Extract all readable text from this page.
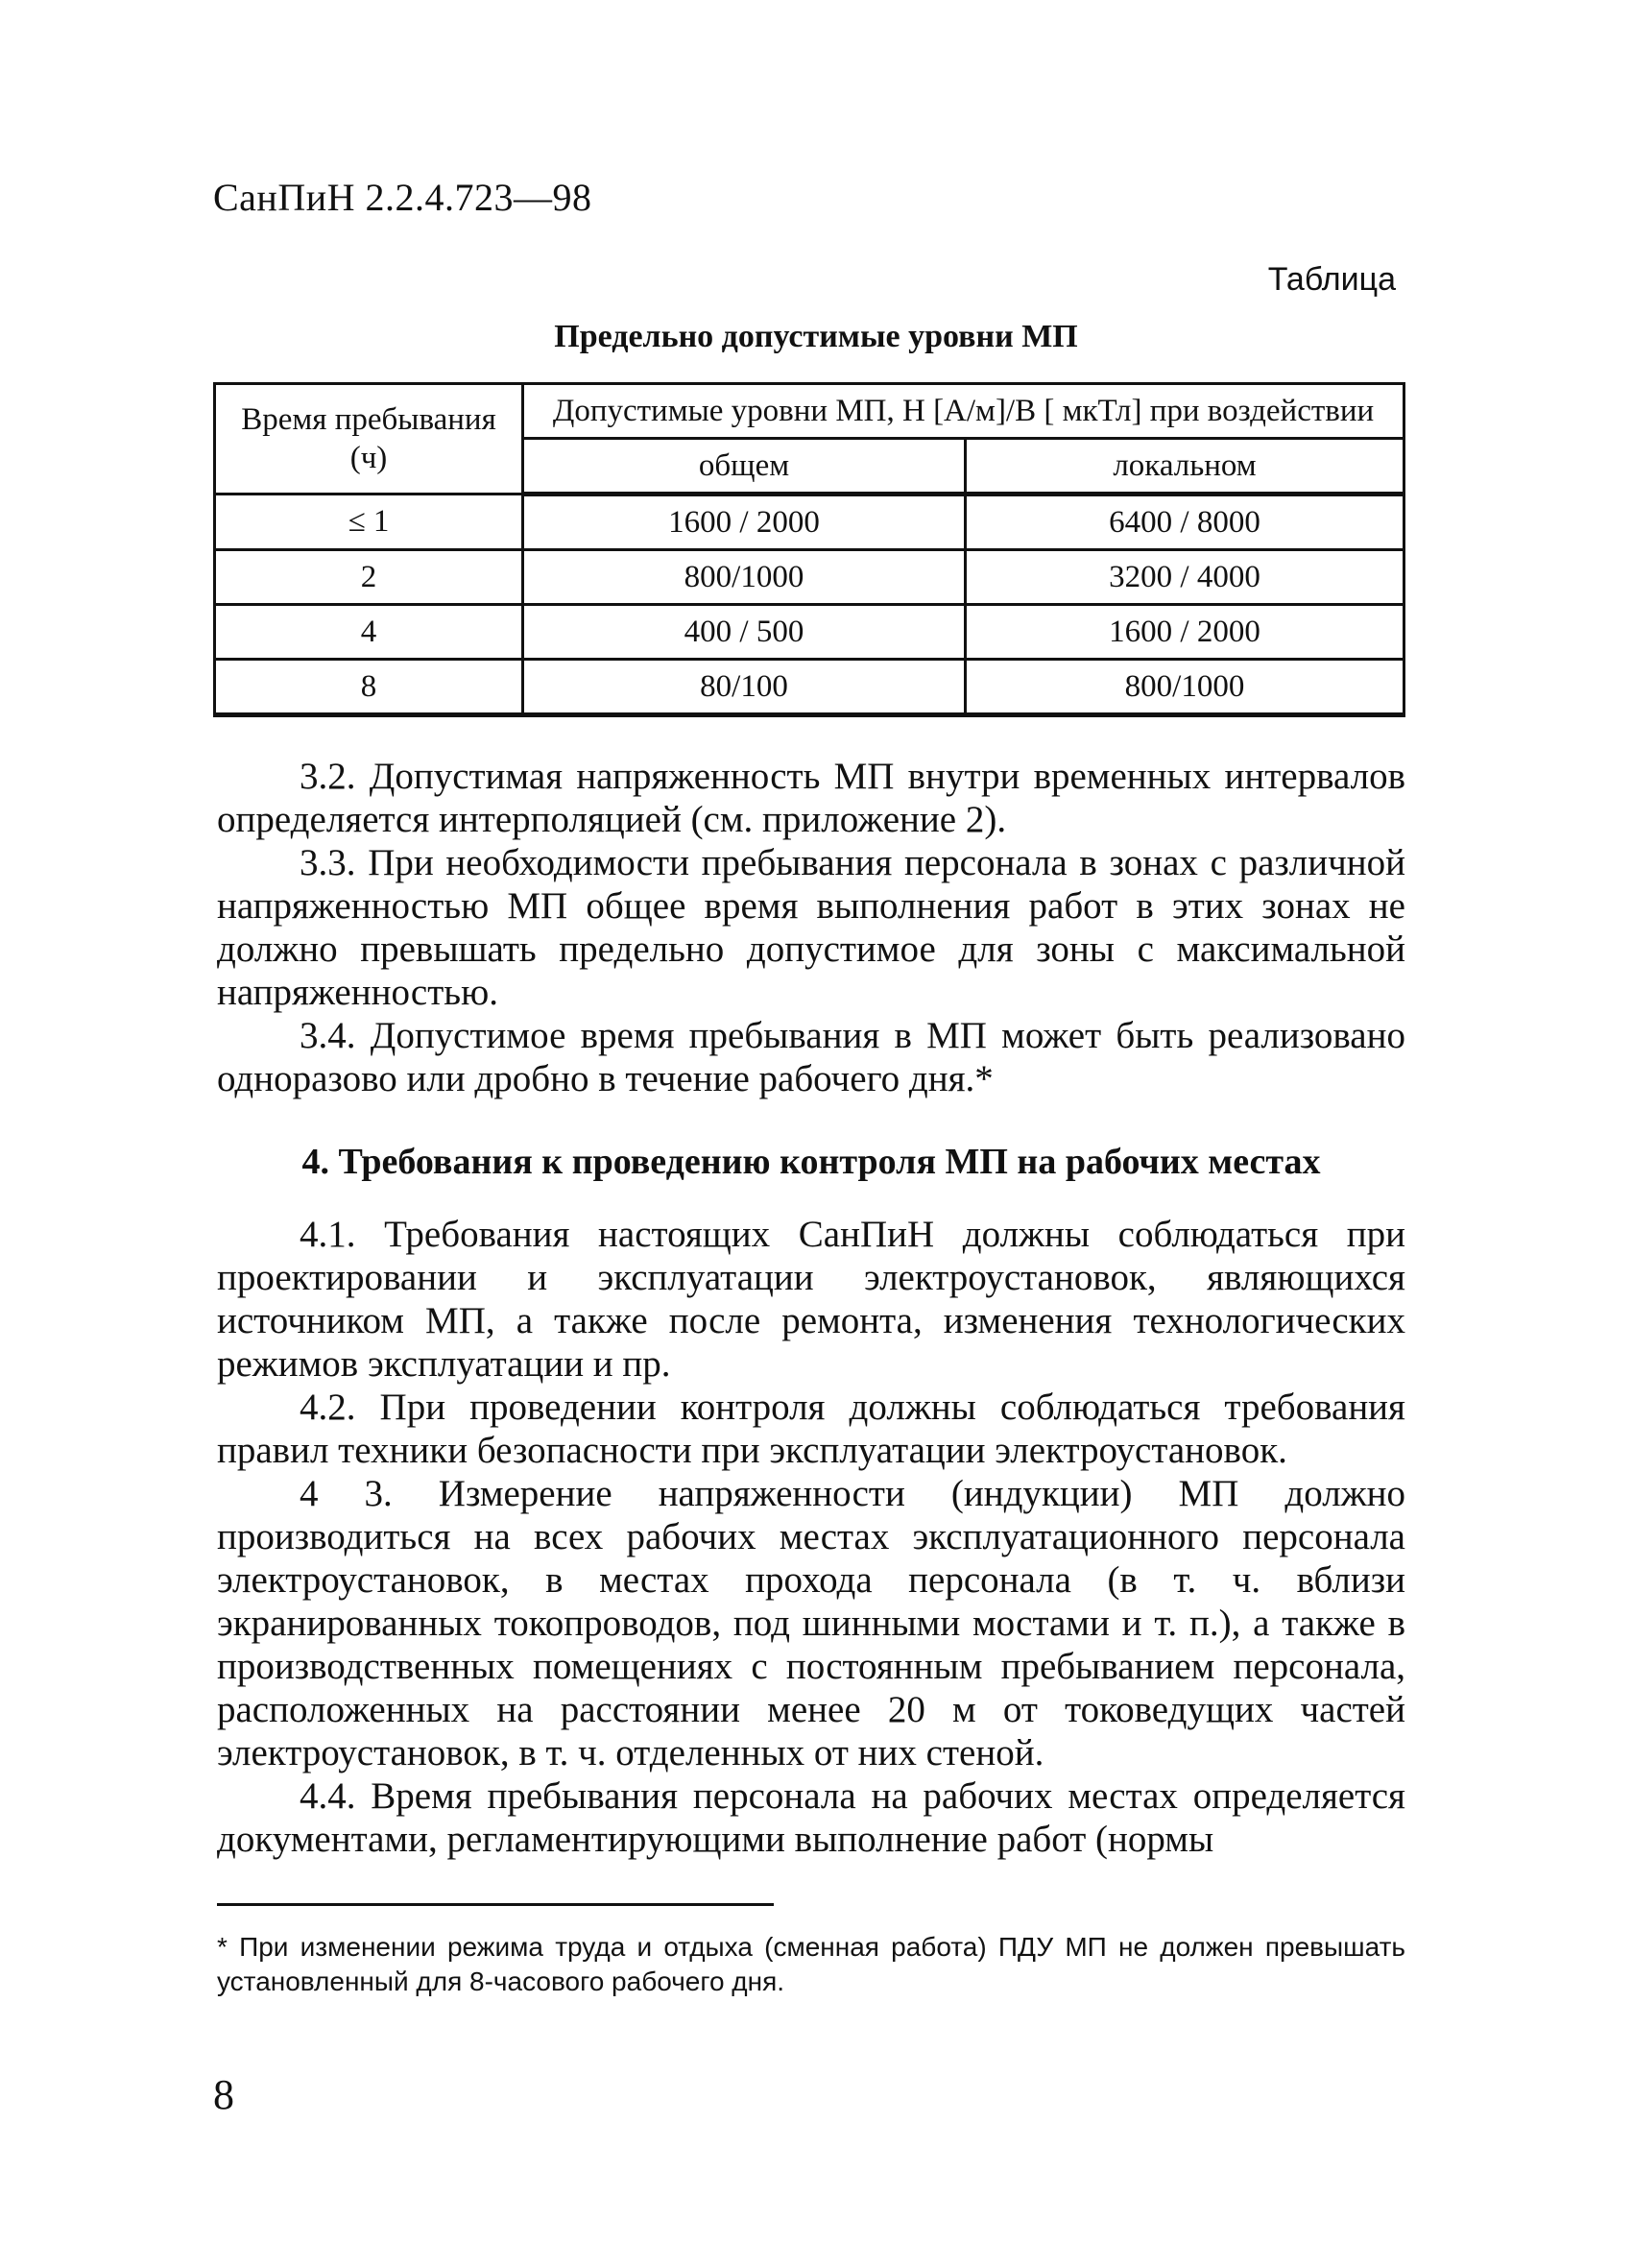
СанПиН 2.2.4.723—98
Таблица
Предельно допустимые уровни МП
Время пребывания (ч)	Допустимые уровни МП, H [А/м]/B [ мкТл] при воздействии	
	общем	локальном
≤ 1	1600 / 2000	6400 / 8000
2	800/1000	3200 / 4000
4	400 / 500	1600 / 2000
8	80/100	800/1000

3.2. Допустимая напряженность МП внутри временных интервалов определяется интерполяцией (см. приложение 2).

3.3. При необходимости пребывания персонала в зонах с различной напряженностью МП общее время выполнения работ в этих зонах не должно превышать предельно допустимое для зоны с максимальной напряженностью.

3.4. Допустимое время пребывания в МП может быть реализовано одноразово или дробно в течение рабочего дня.*

4. Требования к проведению контроля МП на рабочих местах

4.1. Требования настоящих СанПиН должны соблюдаться при проектировании и эксплуатации электроустановок, являющихся источником МП, а также после ремонта, изменения технологических режимов эксплуатации и пр.

4.2. При проведении контроля должны соблюдаться требования правил техники безопасности при эксплуатации электроустановок.

4 3. Измерение напряженности (индукции) МП должно производиться на всех рабочих местах эксплуатационного персонала электроустановок, в местах прохода персонала (в т. ч. вблизи экранированных токопроводов, под шинными мостами и т. п.), а также в производственных помещениях с постоянным пребыванием персонала, расположенных на расстоянии менее 20 м от токоведущих частей электроустановок, в т. ч. отделенных от них стеной.

4.4. Время пребывания персонала на рабочих местах определяется документами, регламентирующими выполнение работ (нормы

* При изменении режима труда и отдыха (сменная работа) ПДУ МП не должен превышать установленный для 8-часового рабочего дня.
8
